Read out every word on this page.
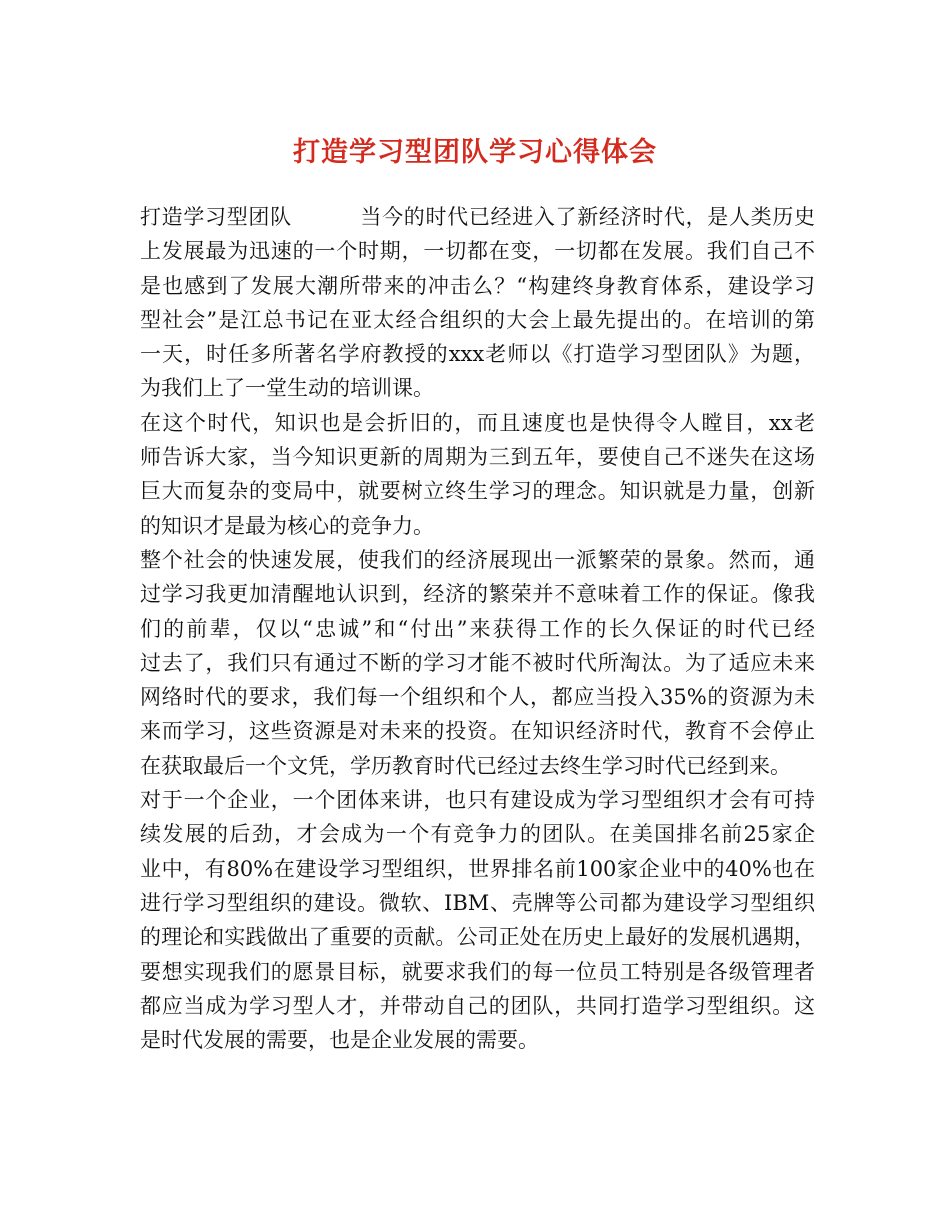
打造学习型团队学习心得体会
打造学习型团队	当今的时代已经进入了新经济时代，是人类历史
上发展最为迅速的一个时期，一切都在变，一切都在发展。我们自己不
是也感到了发展大潮所带来的冲击么？“构建终身教育体系，建设学习
型社会”是江总书记在亚太经合组织的大会上最先提出的。在培训的第
一天，时任多所著名学府教授的xxx老师以《打造学习型团队》为题，
为我们上了一堂生动的培训课。
在这个时代，知识也是会折旧的，而且速度也是快得令人瞠目，xx老
师告诉大家，当今知识更新的周期为三到五年，要使自己不迷失在这场
巨大而复杂的变局中，就要树立终生学习的理念。知识就是力量，创新
的知识才是最为核心的竞争力。
整个社会的快速发展，使我们的经济展现出一派繁荣的景象。然而，通
过学习我更加清醒地认识到，经济的繁荣并不意味着工作的保证。像我
们的前辈，仅以“忠诚”和“付出”来获得工作的长久保证的时代已经
过去了，我们只有通过不断的学习才能不被时代所淘汰。为了适应未来
网络时代的要求，我们每一个组织和个人，都应当投入35%的资源为未
来而学习，这些资源是对未来的投资。在知识经济时代，教育不会停止
在获取最后一个文凭，学历教育时代已经过去终生学习时代已经到来。
对于一个企业，一个团体来讲，也只有建设成为学习型组织才会有可持
续发展的后劲，才会成为一个有竞争力的团队。在美国排名前25家企
业中，有80%在建设学习型组织，世界排名前100家企业中的40%也在
进行学习型组织的建设。微软、IBM、壳牌等公司都为建设学习型组织
的理论和实践做出了重要的贡献。公司正处在历史上最好的发展机遇期，
要想实现我们的愿景目标，就要求我们的每一位员工特别是各级管理者
都应当成为学习型人才，并带动自己的团队，共同打造学习型组织。这
是时代发展的需要，也是企业发展的需要。
